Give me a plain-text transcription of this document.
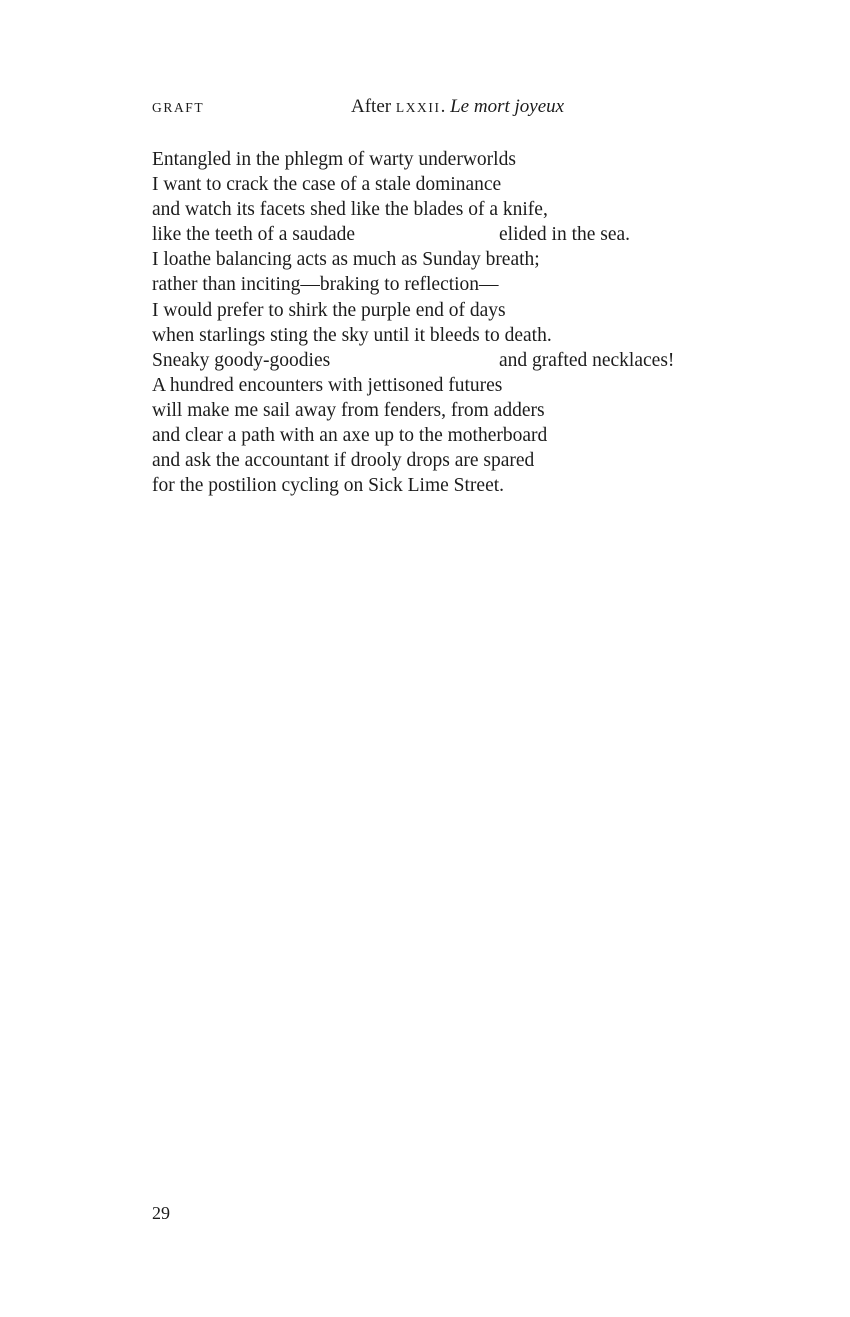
GRAFT	After LXXII. Le mort joyeux
Entangled in the phlegm of warty underworlds
I want to crack the case of a stale dominance
and watch its facets shed like the blades of a knife,
like the teeth of a saudade	elided in the sea.
I loathe balancing acts as much as Sunday breath;
rather than inciting—braking to reflection—
I would prefer to shirk the purple end of days
when starlings sting the sky until it bleeds to death.
Sneaky goody-goodies	and grafted necklaces!
A hundred encounters with jettisoned futures
will make me sail away from fenders, from adders
and clear a path with an axe up to the motherboard
and ask the accountant if drooly drops are spared
for the postilion cycling on Sick Lime Street.
29
